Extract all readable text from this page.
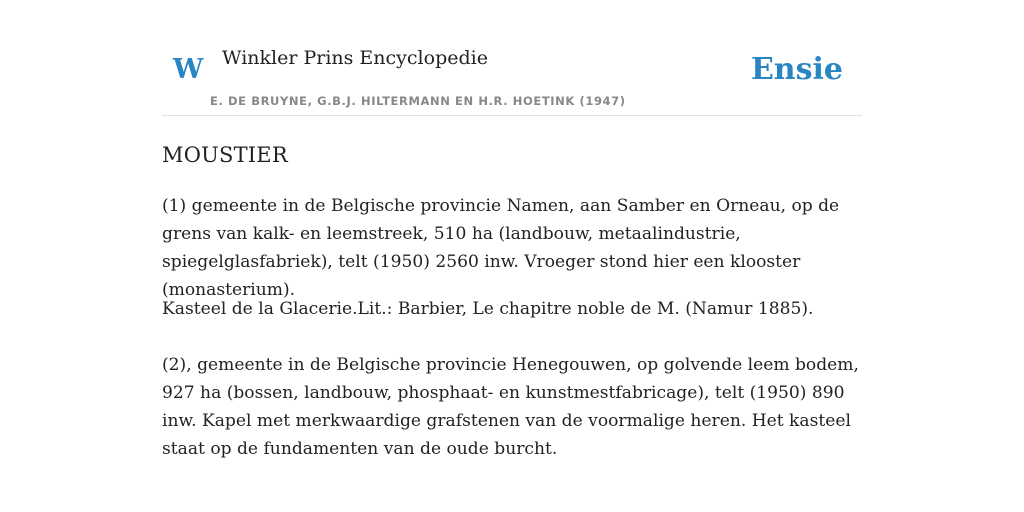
W Winkler Prins Encyclopedie
E. DE BRUYNE, G.B.J. HILTERMANN EN H.R. HOETINK (1947)
Ensie
MOUSTIER

(1) gemeente in de Belgische provincie Namen, aan Samber en Orneau, op de grens van kalk- en leemstreek, 510 ha (landbouw, metaalindustrie, spiegelglasfabriek), telt (1950) 2560 inw. Vroeger stond hier een klooster (monasterium).

Kasteel de la Glacerie.Lit.: Barbier, Le chapitre noble de M. (Namur 1885).

(2), gemeente in de Belgische provincie Henegouwen, op golvende leem bodem, 927 ha (bossen, landbouw, phosphaat- en kunstmestfabricage), telt (1950) 890 inw. Kapel met merkwaardige grafstenen van de voormalige heren. Het kasteel staat op de fundamenten van de oude burcht.
